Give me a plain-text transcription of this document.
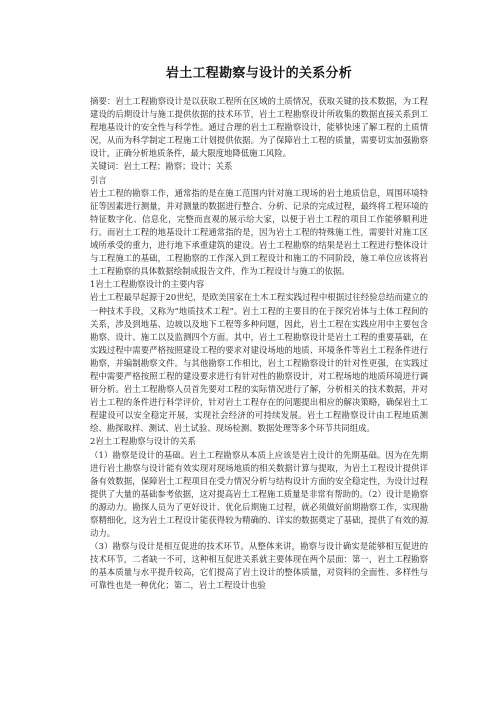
岩土工程勘察与设计的关系分析

摘要：岩土工程勘察设计是以获取工程所在区域的土质情况，获取关键的技术数据，为工程建设的后期设计与施工提供依据的技术环节，岩土工程勘察设计所收集的数据直接关系到工程地基设计的安全性与科学性。通过合理的岩土工程勘察设计，能够快速了解工程的土质情况，从而为科学制定工程施工计划提供依据。为了保障岩土工程的质量，需要切实加强勘察设计，正确分析地质条件，最大限度地降低施工风险。

关键词：岩土工程；勘察；设计；关系

引言

岩土工程的勘察工作，通常指的是在施工范围内针对施工现场的岩土地质信息，周围环境特征等因素进行测量，并对测量的数据进行整合、分析、记录的完成过程，最终将工程环境的特征数字化、信息化，完整而直观的展示给大家，以便于岩土工程的项目工作能够顺利进行。而岩土工程的地基设计工程通常指的是，因为岩土工程的特殊施工性，需要针对施工区域所承受的重力，进行地下承重建筑的建设。岩土工程勘察的结果是岩土工程进行整体设计与工程施工的基础，工程勘察的工作深入到工程设计和施工的不同阶段，施工单位应该将岩土工程勘察的具体数据绘制成报告文件，作为工程设计与施工的依据。

1岩土工程勘察设计的主要内容

岩土工程最早起源于20世纪，是欧美国家在土木工程实践过程中根据过往经验总结而建立的一种技术手段，又称为“地质技术工程”。岩土工程的主要目的在于探究岩体与土体工程间的关系，涉及到地基、边坡以及地下工程等多种问题，因此，岩土工程在实践应用中主要包含勘察、设计、施工以及监测四个方面。其中，岩土工程勘察设计是岩土工程的重要基础，在实践过程中需要严格按照建设工程的要求对建设场地的地质、环境条件等岩土工程条件进行勘察，并编制勘察文件。与其他勘察工作相比，岩土工程勘察设计的针对性更强，在实践过程中需要严格按照工程的建设要求进行有针对性的勘察设计，对工程场地的地质环境进行调研分析。岩土工程勘察人员首先要对工程的实际情况进行了解，分析相关的技术数据，并对岩土工程的条件进行科学评价，针对岩土工程存在的问题提出相应的解决策略，确保岩土工程建设可以安全稳定开展，实现社会经济的可持续发展。岩土工程勘察设计由工程地质测绘、勘探取样、测试、岩土试验、现场检测、数据处理等多个环节共同组成。

2岩土工程勘察与设计的关系

（1）勘察是设计的基础。岩土工程勘察从本质上应该是岩土设计的先期基础。因为在先期进行岩土勘察与设计能有效实现对现场地质的相关数据计算与提取，为岩土工程设计提供详备有效数据，保障岩土工程项目在受力情况分析与结构设计方面的安全稳定性，为设计过程提供了大量的基础参考依据，这对提高岩土工程施工质量是非常有帮助的。（2）设计是勘察的源动力。勘探人员为了更好设计、优化后期施工过程，就必须做好前期勘察工作，实现勘察精细化，这为岩土工程设计能获得较为精确的、详实的数据奠定了基础，提供了有效的源动力。

（3）勘察与设计是相互促进的技术环节。从整体来讲，勘察与设计确实是能够相互促进的技术环节，二者缺一不可，这种相互促进关系就主要体现在两个层面：第一，岩土工程勘察的基本质量与水平提升较高，它们提高了岩土设计的整体质量，对资料的全面性、多样性与可靠性也是一种优化；第二，岩土工程设计也验
